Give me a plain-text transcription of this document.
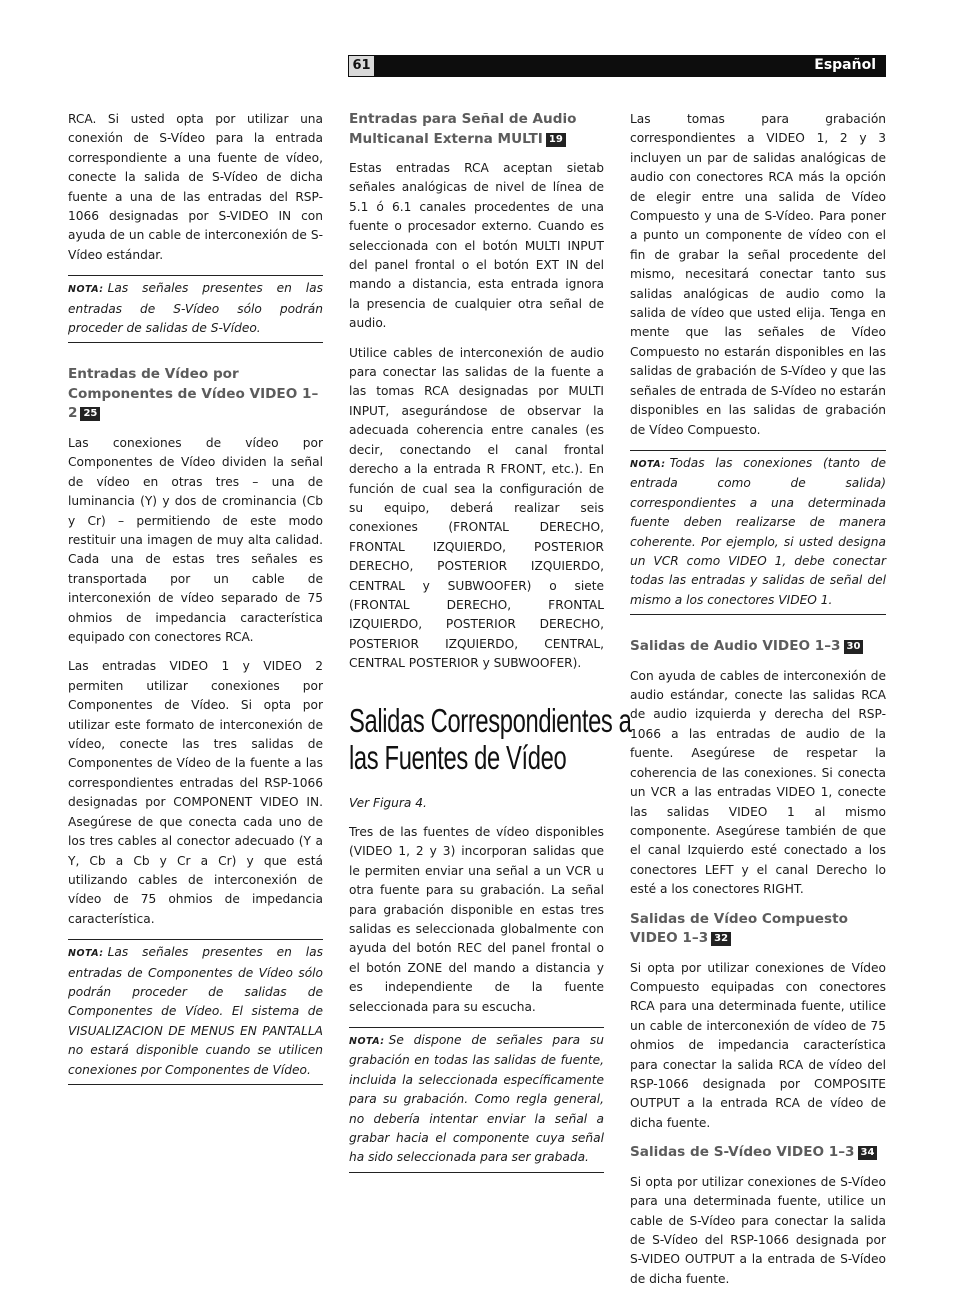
61	Español

RCA. Si usted opta por utilizar una conexión de S-Vídeo para la entrada correspondiente a una fuente de vídeo, conecte la salida de S-Vídeo de dicha fuente a una de las entradas del RSP-1066 designadas por S-VIDEO IN con ayuda de un cable de interconexión de S-Vídeo estándar.

NOTA: Las señales presentes en las entradas de S-Vídeo sólo podrán proceder de salidas de S-Vídeo.
Entradas de Vídeo por Componentes de Vídeo VIDEO 1–2 25

Las conexiones de vídeo por Componentes de Vídeo dividen la señal de vídeo en otras tres – una de luminancia (Y) y dos de crominancia (Cb y Cr) – permitiendo de este modo restituir una imagen de muy alta calidad. Cada una de estas tres señales es transportada por un cable de interconexión de vídeo separado de 75 ohmios de impedancia característica equipado con conectores RCA.

Las entradas VIDEO 1 y VIDEO 2 permiten utilizar conexiones por Componentes de Vídeo. Si opta por utilizar este formato de interconexión de vídeo, conecte las tres salidas de Componentes de Vídeo de la fuente a las correspondientes entradas del RSP-1066 designadas por COMPONENT VIDEO IN. Asegúrese de que conecta cada uno de los tres cables al conector adecuado (Y a Y, Cb a Cb y Cr a Cr) y que está utilizando cables de interconexión de vídeo de 75 ohmios de impedancia característica.

NOTA: Las señales presentes en las entradas de Componentes de Vídeo sólo podrán proceder de salidas de Componentes de Vídeo. El sistema de VISUALIZACION DE MENUS EN PANTALLA no estará disponible cuando se utilicen conexiones por Componentes de Vídeo.
Entradas para Señal de Audio Multicanal Externa MULTI 19

Estas entradas RCA aceptan sietab señales analógicas de nivel de línea de 5.1 ó 6.1 canales procedentes de una fuente o procesador externo. Cuando es seleccionada con el botón MULTI INPUT del panel frontal o el botón EXT IN del mando a distancia, esta entrada ignora la presencia de cualquier otra señal de audio.

Utilice cables de interconexión de audio para conectar las salidas de la fuente a las tomas RCA designadas por MULTI INPUT, asegurándose de observar la adecuada coherencia entre canales (es decir, conectando el canal frontal derecho a la entrada R FRONT, etc.). En función de cual sea la configuración de su equipo, deberá realizar seis conexiones (FRONTAL DERECHO, FRONTAL IZQUIERDO, POSTERIOR DERECHO, POSTERIOR IZQUIERDO, CENTRAL y SUBWOOFER) o siete (FRONTAL DERECHO, FRONTAL IZQUIERDO, POSTERIOR DERECHO, POSTERIOR IZQUIERDO, CENTRAL, CENTRAL POSTERIOR y SUBWOOFER).

Salidas Correspondientes a
las Fuentes de Vídeo

Ver Figura 4.

Tres de las fuentes de vídeo disponibles (VIDEO 1, 2 y 3) incorporan salidas que le permiten enviar una señal a un VCR u otra fuente para su grabación. La señal para grabación disponible en estas tres salidas es seleccionada globalmente con ayuda del botón REC del panel frontal o el botón ZONE del mando a distancia y es independiente de la fuente seleccionada para su escucha.

NOTA: Se dispone de señales para su grabación en todas las salidas de fuente, incluida la seleccionada específicamente para su grabación. Como regla general, no debería intentar enviar la señal a grabar hacia el componente cuya señal ha sido seleccionada para ser grabada.

Las tomas para grabación correspondientes a VIDEO 1, 2 y 3 incluyen un par de salidas analógicas de audio con conectores RCA más la opción de elegir entre una salida de Vídeo Compuesto y una de S-Vídeo. Para poner a punto un componente de vídeo con el fin de grabar la señal procedente del mismo, necesitará conectar tanto sus salidas analógicas de audio como la salida de vídeo que usted elija. Tenga en mente que las señales de Vídeo Compuesto no estarán disponibles en las salidas de grabación de S-Vídeo y que las señales de entrada de S-Vídeo no estarán disponibles en las salidas de grabación de Vídeo Compuesto.

NOTA: Todas las conexiones (tanto de entrada como de salida) correspondientes a una determinada fuente deben realizarse de manera coherente. Por ejemplo, si usted designa un VCR como VIDEO 1, debe conectar todas las entradas y salidas de señal del mismo a los conectores VIDEO 1.
Salidas de Audio VIDEO 1–3 30

Con ayuda de cables de interconexión de audio estándar, conecte las salidas RCA de audio izquierda y derecha del RSP-1066 a las entradas de audio de la fuente. Asegúrese de respetar la coherencia de las conexiones. Si conecta un VCR a las entradas VIDEO 1, conecte las salidas VIDEO 1 al mismo componente. Asegúrese también de que el canal Izquierdo esté conectado a los conectores LEFT y el canal Derecho lo esté a los conectores RIGHT.

Salidas de Vídeo Compuesto VIDEO 1–3 32

Si opta por utilizar conexiones de Vídeo Compuesto equipadas con conectores RCA para una determinada fuente, utilice un cable de interconexión de vídeo de 75 ohmios de impedancia característica para conectar la salida RCA de vídeo del RSP-1066 designada por COMPOSITE OUTPUT a la entrada RCA de vídeo de dicha fuente.

Salidas de S-Vídeo VIDEO 1–3 34

Si opta por utilizar conexiones de S-Vídeo para una determinada fuente, utilice un cable de S-Vídeo para conectar la salida de S-Vídeo del RSP-1066 designada por S-VIDEO OUTPUT a la entrada de S-Vídeo de dicha fuente.
